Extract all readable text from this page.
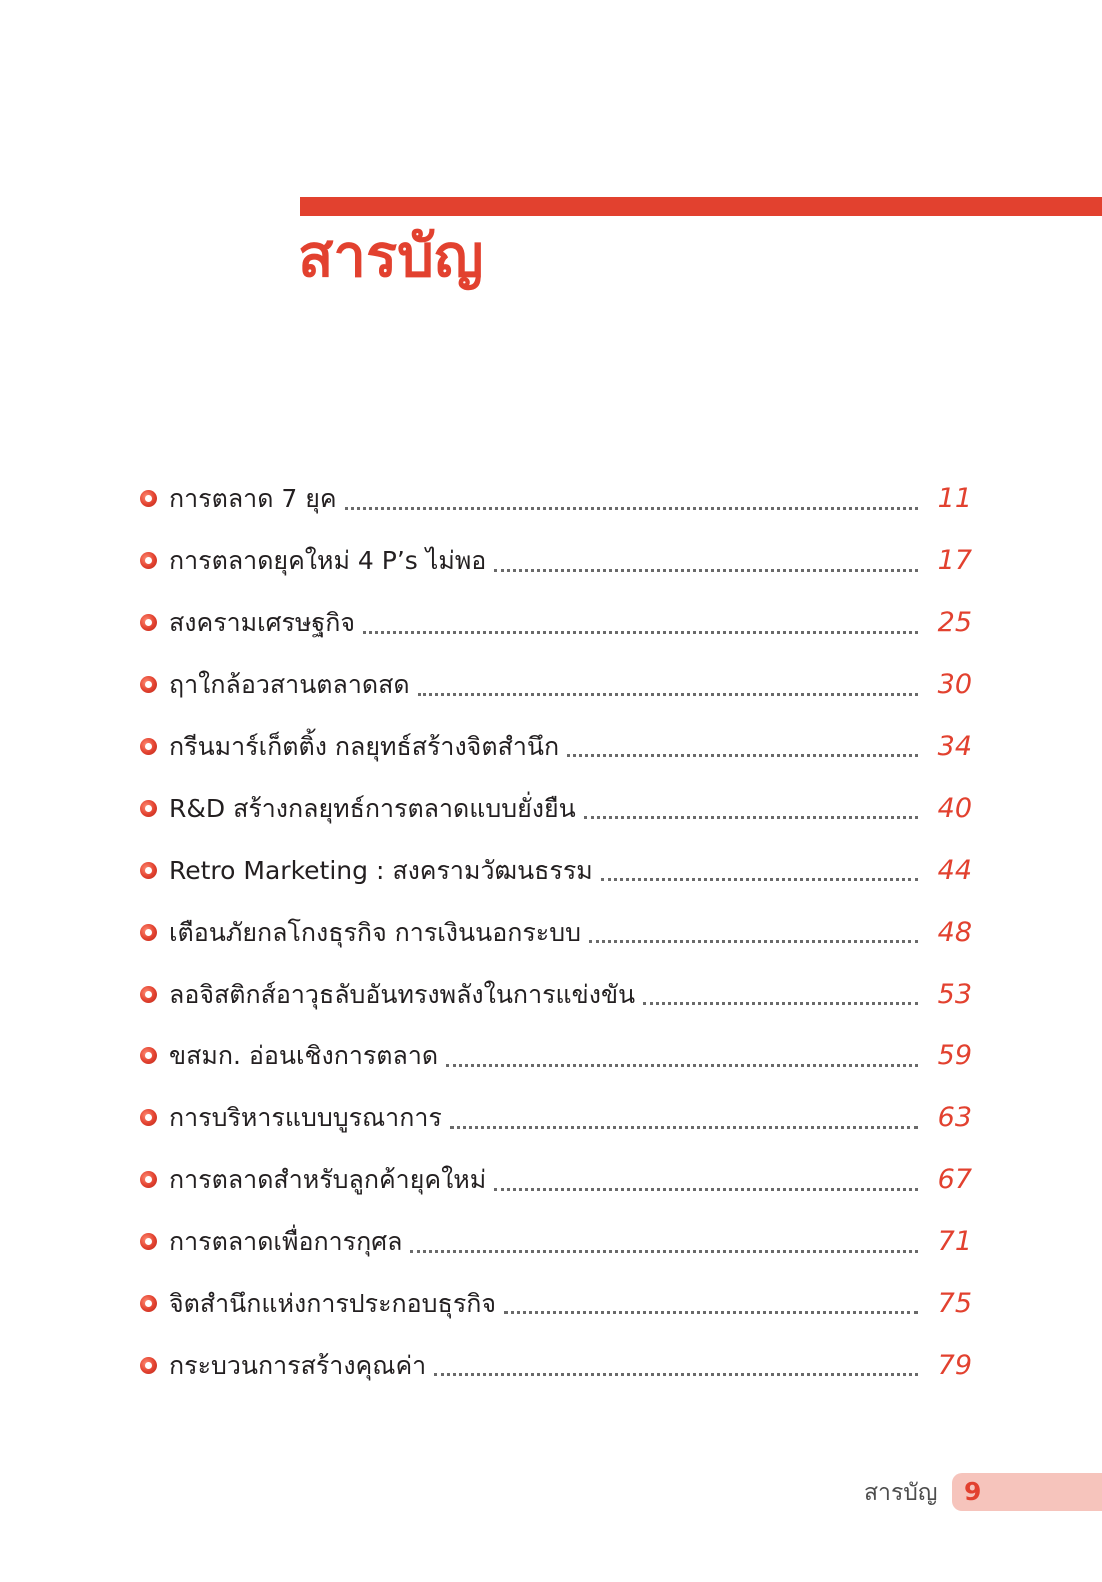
สารบัญ
การตลาด 7 ยุค	11
การตลาดยุคใหม่ 4 P’s ไม่พอ	17
สงครามเศรษฐกิจ	25
ฤาใกล้อวสานตลาดสด	30
กรีนมาร์เก็ตติ้ง กลยุทธ์สร้างจิตสำนึก	34
R&D สร้างกลยุทธ์การตลาดแบบยั่งยืน	40
Retro Marketing : สงครามวัฒนธรรม	44
เตือนภัยกลโกงธุรกิจ การเงินนอกระบบ	48
ลอจิสติกส์อาวุธลับอันทรงพลังในการแข่งขัน	53
ขสมก. อ่อนเชิงการตลาด	59
การบริหารแบบบูรณาการ	63
การตลาดสำหรับลูกค้ายุคใหม่	67
การตลาดเพื่อการกุศล	71
จิตสำนึกแห่งการประกอบธุรกิจ	75
กระบวนการสร้างคุณค่า	79
สารบัญ 9
